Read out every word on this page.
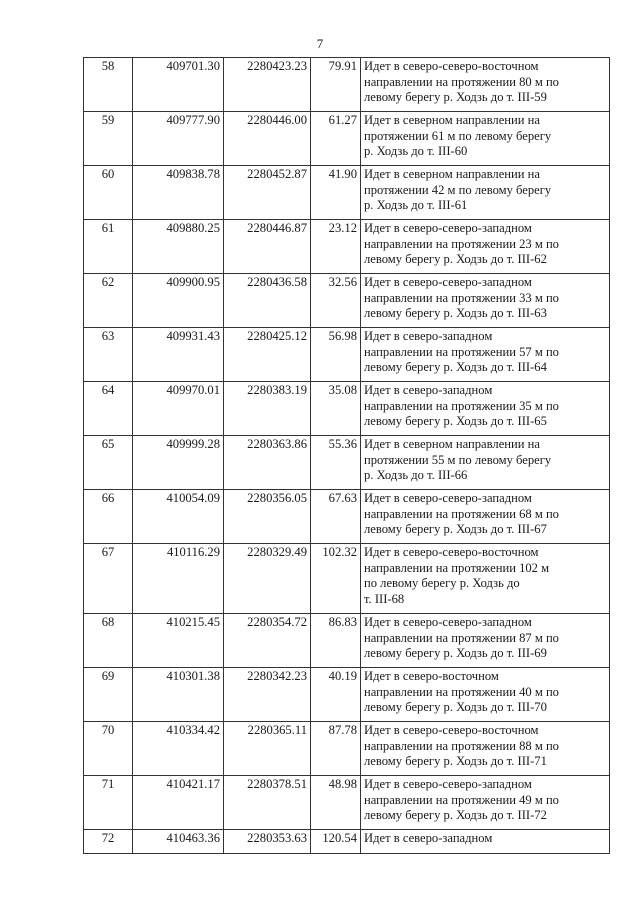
7
58	409701.30	2280423.23	79.91	Идет в северо-северо-восточном
направлении на протяжении 80 м по
левому берегу р. Ходзь до т. III-59

59	409777.90	2280446.00	61.27	Идет в северном направлении на
протяжении 61 м по левому берегу
р. Ходзь до т. III-60

60	409838.78	2280452.87	41.90	Идет в северном направлении на
протяжении 42 м по левому берегу
р. Ходзь до т. III-61

61	409880.25	2280446.87	23.12	Идет в северо-северо-западном
направлении на протяжении 23 м по
левому берегу р. Ходзь до т. III-62

62	409900.95	2280436.58	32.56	Идет в северо-северо-западном
направлении на протяжении 33 м по
левому берегу р. Ходзь до т. III-63

63	409931.43	2280425.12	56.98	Идет в северо-западном
направлении на протяжении 57 м по
левому берегу р. Ходзь до т. III-64

64	409970.01	2280383.19	35.08	Идет в северо-западном
направлении на протяжении 35 м по
левому берегу р. Ходзь до т. III-65

65	409999.28	2280363.86	55.36	Идет в северном направлении на
протяжении 55 м по левому берегу
р. Ходзь до т. III-66

66	410054.09	2280356.05	67.63	Идет в северо-северо-западном
направлении на протяжении 68 м по
левому берегу р. Ходзь до т. III-67

67	410116.29	2280329.49	102.32	Идет в северо-северо-восточном
направлении на протяжении 102 м
по левому берегу р. Ходзь до
т. III-68

68	410215.45	2280354.72	86.83	Идет в северо-северо-западном
направлении на протяжении 87 м по
левому берегу р. Ходзь до т. III-69

69	410301.38	2280342.23	40.19	Идет в северо-восточном
направлении на протяжении 40 м по
левому берегу р. Ходзь до т. III-70

70	410334.42	2280365.11	87.78	Идет в северо-северо-восточном
направлении на протяжении 88 м по
левому берегу р. Ходзь до т. III-71

71	410421.17	2280378.51	48.98	Идет в северо-северо-западном
направлении на протяжении 49 м по
левому берегу р. Ходзь до т. III-72

72	410463.36	2280353.63	120.54	Идет в северо-западном
